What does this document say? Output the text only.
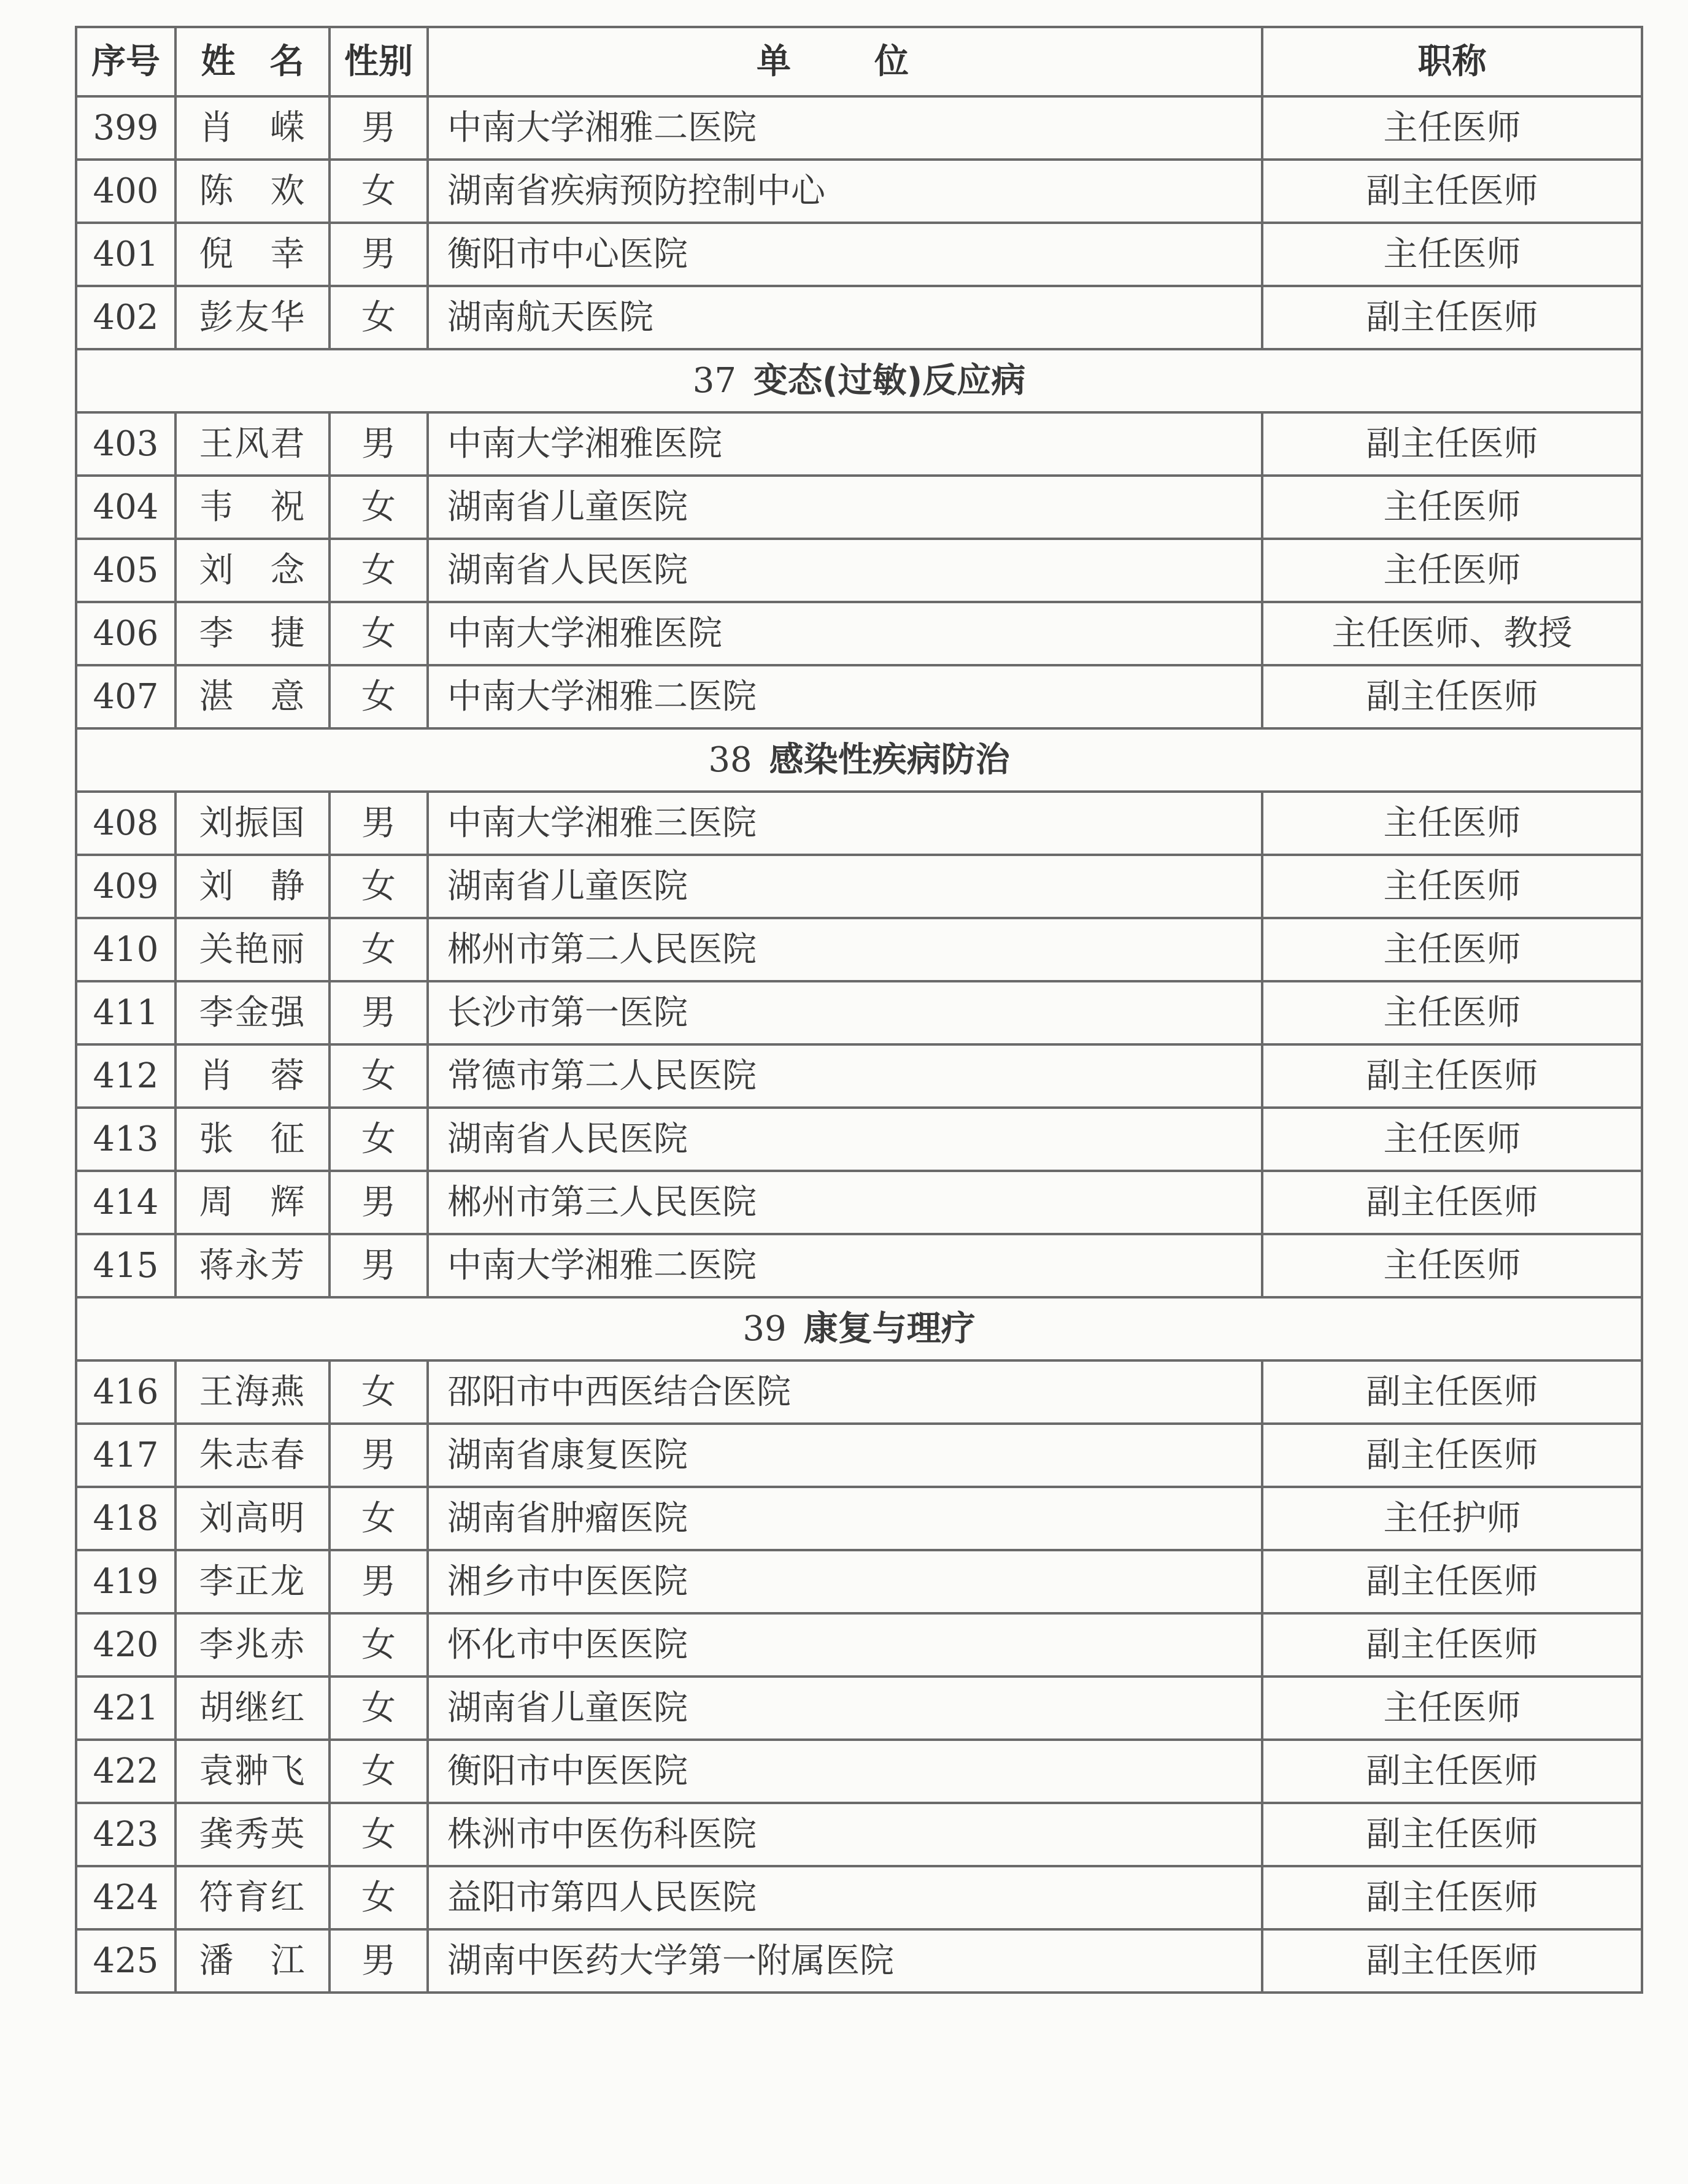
序号	姓　名	性别	单　位	职称
399	肖　嵘	男	中南大学湘雅二医院	主任医师
400	陈　欢	女	湖南省疾病预防控制中心	副主任医师
401	倪　幸	男	衡阳市中心医院	主任医师
402	彭友华	女	湖南航天医院	副主任医师
37 变态(过敏)反应病				
403	王风君	男	中南大学湘雅医院	副主任医师
404	韦　祝	女	湖南省儿童医院	主任医师
405	刘　念	女	湖南省人民医院	主任医师
406	李　捷	女	中南大学湘雅医院	主任医师、教授
407	湛　意	女	中南大学湘雅二医院	副主任医师
38 感染性疾病防治				
408	刘振国	男	中南大学湘雅三医院	主任医师
409	刘　静	女	湖南省儿童医院	主任医师
410	关艳丽	女	郴州市第二人民医院	主任医师
411	李金强	男	长沙市第一医院	主任医师
412	肖　蓉	女	常德市第二人民医院	副主任医师
413	张　征	女	湖南省人民医院	主任医师
414	周　辉	男	郴州市第三人民医院	副主任医师
415	蒋永芳	男	中南大学湘雅二医院	主任医师
39 康复与理疗				
416	王海燕	女	邵阳市中西医结合医院	副主任医师
417	朱志春	男	湖南省康复医院	副主任医师
418	刘高明	女	湖南省肿瘤医院	主任护师
419	李正龙	男	湘乡市中医医院	副主任医师
420	李兆赤	女	怀化市中医医院	副主任医师
421	胡继红	女	湖南省儿童医院	主任医师
422	袁翀飞	女	衡阳市中医医院	副主任医师
423	龚秀英	女	株洲市中医伤科医院	副主任医师
424	符育红	女	益阳市第四人民医院	副主任医师
425	潘　江	男	湖南中医药大学第一附属医院	副主任医师
